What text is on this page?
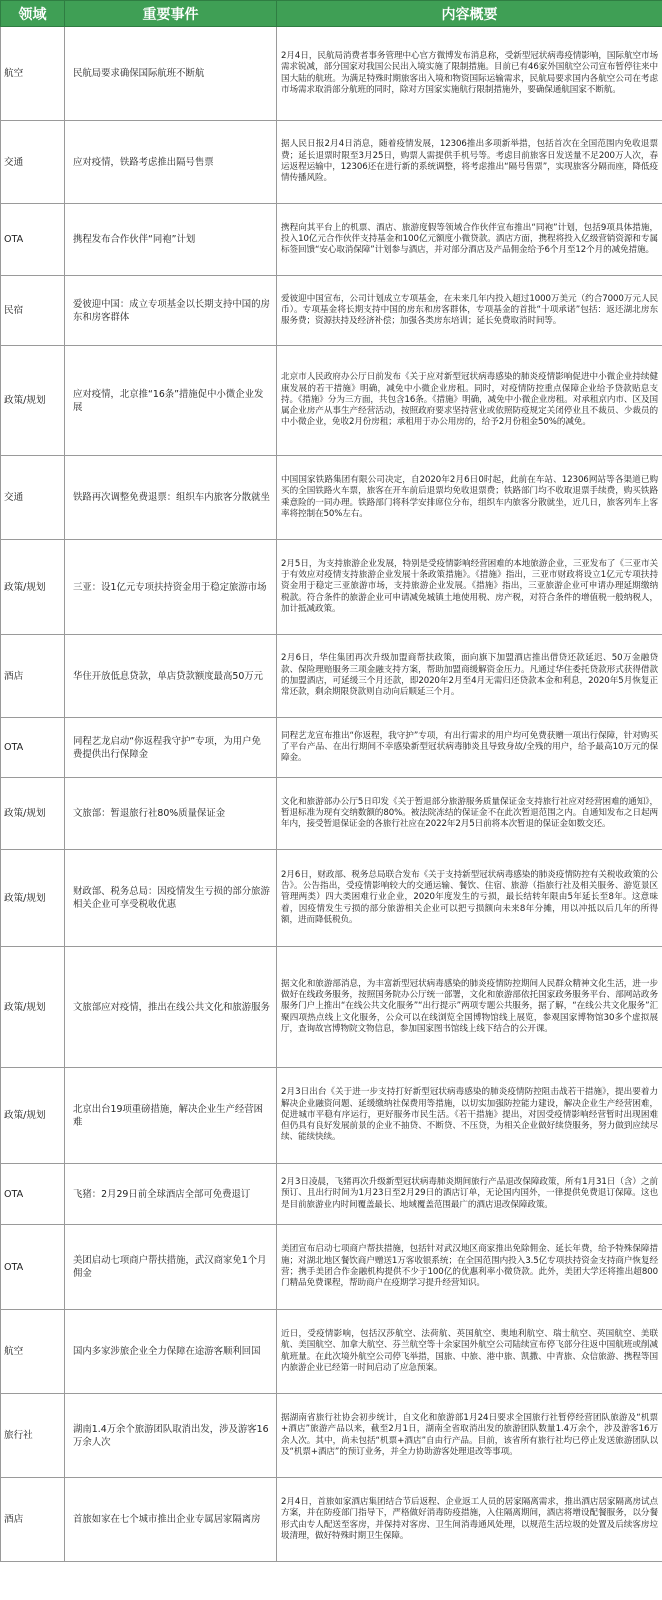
领域	重要事件	内容概要
航空	民航局要求确保国际航班不断航	2月4日，民航局消费者事务管理中心官方微博发布消息称，受新型冠状病毒疫情影响，国际航空市场需求锐减，部分国家对我国公民出入境实施了限制措施。目前已有46家外国航空公司宣布暂停往来中国大陆的航班。为满足特殊时期旅客出入境和物资国际运输需求，民航局要求国内各航空公司在考虑市场需求取消部分航班的同时，除对方国家实施航行限制措施外，要确保通航国家不断航。
交通	应对疫情，铁路考虑推出隔号售票	据人民日报2月4日消息，随着疫情发展，12306推出多项新举措，包括首次在全国范围内免收退票费；延长退票时限至3月25日，购票人需提供手机号等。考虑目前旅客日发送量不足200万人次，春运返程运输中，12306还在进行新的系统调整，将考虑推出“隔号售票”，实现旅客分隔而座，降低疫情传播风险。
OTA	携程发布合作伙伴“同袍”计划	携程向其平台上的机票、酒店、旅游度假等领域合作伙伴宣布推出“同袍”计划，包括9项具体措施，投入10亿元合作伙伴支持基金和100亿元额度小微贷款。酒店方面，携程将投入亿级营销资源和专属标签回馈“安心取消保障”计划参与酒店，并对部分酒店及产品佣金给予6个月至12个月的减免措施。
民宿	爱彼迎中国：成立专项基金以长期支持中国的房东和房客群体	爱彼迎中国宣布，公司计划成立专项基金，在未来几年内投入超过1000万美元（约合7000万元人民币）。专项基金将长期支持中国的房东和房客群体，专项基金的首批“十项承诺”包括：返还湖北房东服务费；资源扶持及经济补偿；加强各类房东培训；延长免费取消时间等。
政策/规划	应对疫情，北京推“16条”措施促中小微企业发展	北京市人民政府办公厅日前发布《关于应对新型冠状病毒感染的肺炎疫情影响促进中小微企业持续健康发展的若干措施》明确，减免中小微企业房租。同时，对疫情防控重点保障企业给予贷款贴息支持。《措施》分为三方面，共包含16条。《措施》明确，减免中小微企业房租。对承租京内市、区及国属企业房产从事生产经营活动，按照政府要求坚持营业或依照防疫规定关闭停业且不裁员、少裁员的中小微企业，免收2月份房租；承租用于办公用房的，给予2月份租金50%的减免。
交通	铁路再次调整免费退票：组织车内旅客分散就坐	中国国家铁路集团有限公司决定，自2020年2月6日0时起，此前在车站、12306网站等各渠道已购买的全国铁路火车票，旅客在开车前后退票均免收退票费；铁路部门均不收取退票手续费，购买铁路乘意险的一同办理。铁路部门将科学安排席位分布，组织车内旅客分散就坐，近几日，旅客列车上客率将控制在50%左右。
政策/规划	三亚：设1亿元专项扶持资金用于稳定旅游市场	2月5日，为支持旅游企业发展，特别是受疫情影响经营困难的本地旅游企业，三亚发布了《三亚市关于有效应对疫情支持旅游企业发展十条政策措施》。《措施》指出，三亚市财政将设立1亿元专项扶持资金用于稳定三亚旅游市场，支持旅游企业发展。《措施》指出，三亚旅游企业可申请办理延期缴纳税款。符合条件的旅游企业可申请减免城镇土地使用税、房产税，对符合条件的增值税一般纳税人，加计抵减政策。
酒店	华住开放低息贷款，单店贷款额度最高50万元	2月6日，华住集团再次升级加盟商帮扶政策，面向旗下加盟酒店推出借贷还款延迟、50万金融贷款、保险理赔服务三项金融支持方案，帮助加盟商缓解资金压力。凡通过华住委托贷款形式获得借款的加盟酒店，可延缓三个月还款，即2020年2月至4月无需归还贷款本金和利息，2020年5月恢复正常还款，剩余期限贷款则自动向后顺延三个月。
OTA	同程艺龙启动“你返程我守护”专项，为用户免费提供出行保障金	同程艺龙宣布推出“你返程，我守护”专项，有出行需求的用户均可免费获赠一项出行保障，针对购买了平台产品、在出行期间不幸感染新型冠状病毒肺炎且导致身故/全残的用户，给予最高10万元的保障金。
政策/规划	文旅部：暂退旅行社80%质量保证金	文化和旅游部办公厅5日印发《关于暂退部分旅游服务质量保证金支持旅行社应对经营困难的通知》，暂退标准为现有交纳数额的80%。被法院冻结的保证金不在此次暂退范围之内。自通知发布之日起两年内，接受暂退保证金的各旅行社应在2022年2月5日前将本次暂退的保证金如数交还。
政策/规划	财政部、税务总局：因疫情发生亏损的部分旅游相关企业可享受税收优惠	2月6日，财政部、税务总局联合发布《关于支持新型冠状病毒感染的肺炎疫情防控有关税收政策的公告》。公告指出，受疫情影响较大的交通运输、餐饮、住宿、旅游（指旅行社及相关服务、游览景区管理两类）四大类困难行业企业，2020年度发生的亏损，最长结转年限由5年延长至8年。这意味着，因疫情发生亏损的部分旅游相关企业可以把亏损额向未来8年分摊，用以冲抵以后几年的所得额，进而降低税负。
政策/规划	文旅部应对疫情，推出在线公共文化和旅游服务	据文化和旅游部消息，为丰富新型冠状病毒感染的肺炎疫情防控期间人民群众精神文化生活，进一步做好在线政务服务，按照国务院办公厅统一部署，文化和旅游部依托国家政务服务平台、部网站政务服务门户上推出“在线公共文化服务”“出行提示”两项专题公共服务，据了解，“在线公共文化服务”汇聚四项热点线上文化服务，公众可以在线浏览全国博物馆线上展览，参观国家博物馆30多个虚拟展厅，查询故宫博物院文物信息，参加国家图书馆线上线下结合的公开课。
政策/规划	北京出台19项重磅措施，解决企业生产经营困难	2月3日出台《关于进一步支持打好新型冠状病毒感染的肺炎疫情防控阻击战若干措施》，提出要着力解决企业融资问题、延缓缴纳社保费用等措施，以切实加强防控能力建设，解决企业生产经营困难，促进城市平稳有序运行，更好服务市民生活。《若干措施》提出，对因受疫情影响经营暂时出现困难但仍具有良好发展前景的企业不抽贷、不断贷、不压贷，为相关企业做好续贷服务，努力做到应续尽续、能续快续。
OTA	飞猪：2月29日前全球酒店全部可免费退订	2月3日凌晨，飞猪再次升级新型冠状病毒肺炎期间旅行产品退改保障政策，所有1月31日（含）之前预订、且出行时间为1月23日至2月29日的酒店订单，无论国内国外，一律提供免费退订保障。这也是目前旅游业内时间覆盖最长、地域覆盖范围最广的酒店退改保障政策。
OTA	美团启动七项商户帮扶措施，武汉商家免1个月佣金	美团宣布启动七项商户帮扶措施，包括针对武汉地区商家推出免除佣金、延长年费，给予特殊保障措施；对湖北地区餐饮商户赠送1万客收银系统；在全国范围内投入3.5亿专项扶持资金支持商户恢复经营；携手美团合作金融机构提供不少于100亿的优惠利率小微贷款。此外，美团大学还将推出超800门精品免费课程，帮助商户在疫期学习提升经营知识。
航空	国内多家涉旅企业全力保障在途游客顺利回国	近日，受疫情影响，包括汉莎航空、法荷航、英国航空、奥地利航空、瑞士航空、英国航空、美联航、美国航空、加拿大航空、芬兰航空等十余家国外航空公司陆续宣布停飞部分往返中国航班或削减航班量。在此次境外航空公司停飞举措，国旅、中旅、港中旅、凯撒、中青旅、众信旅游、携程等国内旅游企业已经第一时间启动了应急预案。
旅行社	湖南1.4万余个旅游团队取消出发，涉及游客16万余人次	据湖南省旅行社协会初步统计，自文化和旅游部1月24日要求全国旅行社暂停经营团队旅游及“机票+酒店”旅游产品以来，截至2月1日，湖南全省取消出发的旅游团队数量1.4万余个，涉及游客16万余人次。其中，尚未包括“机票+酒店”自由行产品。目前，该省所有旅行社均已停止发送旅游团队以及“机票+酒店”的预订业务，并全力协助游客处理退改等事项。
酒店	首旅如家在七个城市推出企业专属居家隔离房	2月4日，首旅如家酒店集团结合节后返程、企业返工人员的居家隔离需求，推出酒店居家隔离房试点方案，并在防疫部门指导下，严格做好消毒防疫措施，入住隔离期间，酒店将增设配餐服务，以分餐形式由专人配送至客房，并保持对客房、卫生间消毒通风处理，以规范生活垃圾的处置及后续客房垃圾清理，做好特殊时期卫生保障。
